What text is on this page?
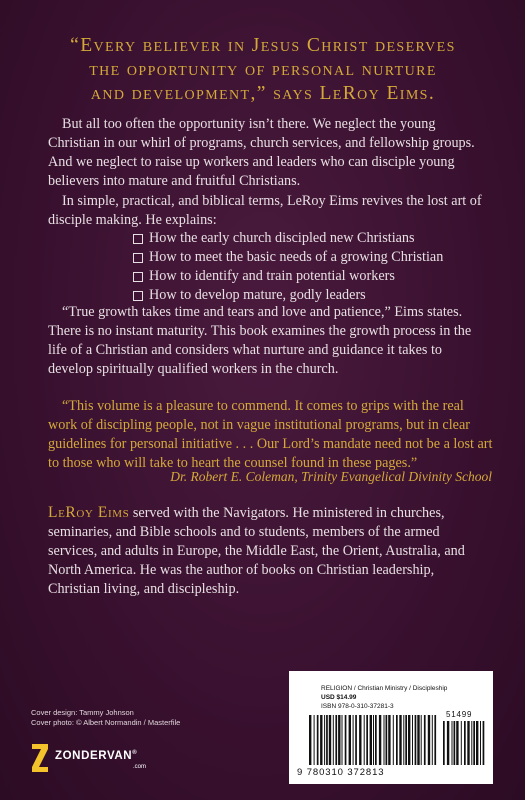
“Every believer in Jesus Christ deserves
the opportunity of personal nurture
and development,” says LeRoy Eims.

But all too often the opportunity isn’t there. We neglect the young Christian in our whirl of programs, church services, and fellowship groups. And we neglect to raise up workers and leaders who can disciple young believers into mature and fruitful Christians.

In simple, practical, and biblical terms, LeRoy Eims revives the lost art of disciple making. He explains:

How the early church discipled new Christians
How to meet the basic needs of a growing Christian
How to identify and train potential workers
How to develop mature, godly leaders

“True growth takes time and tears and love and patience,” Eims states. There is no instant maturity. This book examines the growth process in the life of a Christian and considers what nurture and guidance it takes to develop spiritually qualified workers in the church.

“This volume is a pleasure to commend. It comes to grips with the real work of discipling people, not in vague institutional programs, but in clear guidelines for personal initiative . . . Our Lord’s mandate need not be a lost art to those who will take to heart the counsel found in these pages.”

Dr. Robert E. Coleman, Trinity Evangelical Divinity School

LeRoy Eims served with the Navigators. He ministered in churches, seminaries, and Bible schools and to students, members of the armed services, and adults in Europe, the Middle East, the Orient, Australia, and North America. He was the author of books on Christian leadership, Christian living, and discipleship.

Cover design: Tammy Johnson
Cover photo: © Albert Normandin / Masterfile
ZONDERVAN®
.com
RELIGION / Christian Ministry / Discipleship
USD $14.99
ISBN 978-0-310-37281-3
51499
9 780310 372813
